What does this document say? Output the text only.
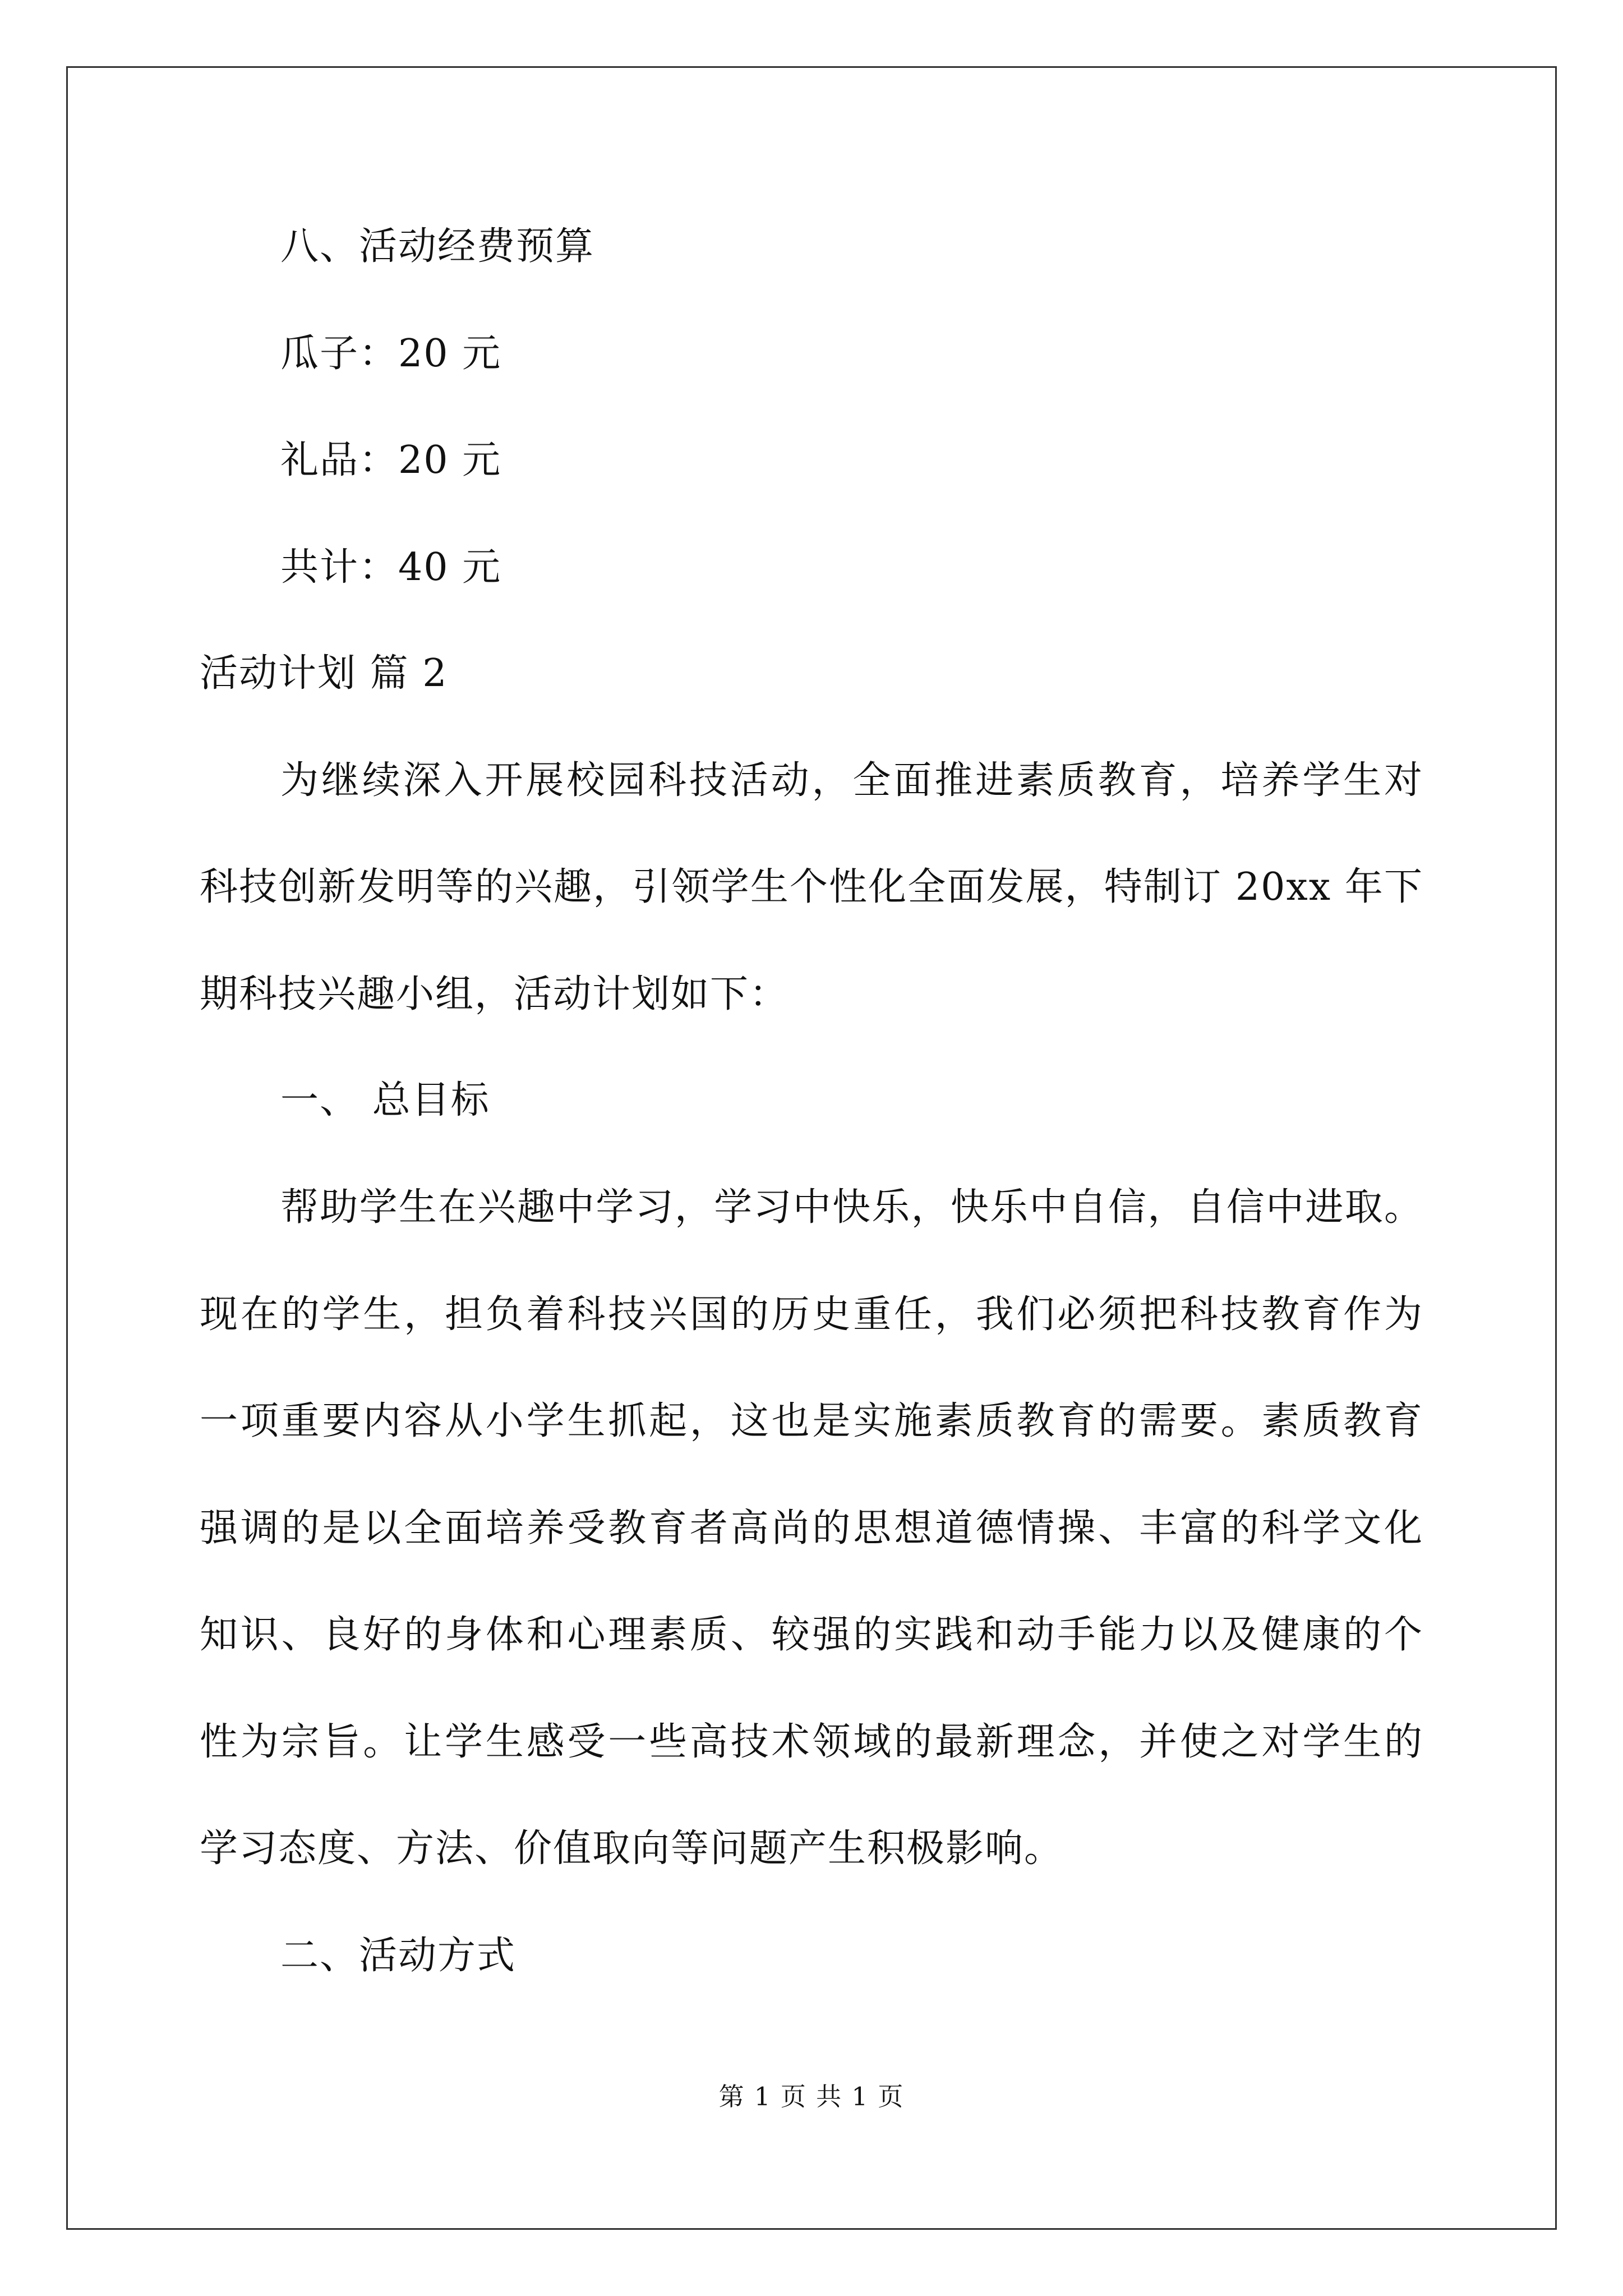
八、活动经费预算
瓜子：20 元
礼品：20 元
共计：40 元
活动计划 篇 2
为继续深入开展校园科技活动，全面推进素质教育，培养学生对
科技创新发明等的兴趣，引领学生个性化全面发展，特制订 20xx 年下
期科技兴趣小组，活动计划如下：
一、 总目标
帮助学生在兴趣中学习，学习中快乐，快乐中自信，自信中进取。
现在的学生，担负着科技兴国的历史重任，我们必须把科技教育作为
一项重要内容从小学生抓起，这也是实施素质教育的需要。素质教育
强调的是以全面培养受教育者高尚的思想道德情操、丰富的科学文化
知识、良好的身体和心理素质、较强的实践和动手能力以及健康的个
性为宗旨。让学生感受一些高技术领域的最新理念，并使之对学生的
学习态度、方法、价值取向等问题产生积极影响。
二、活动方式
第 1 页 共 1 页
